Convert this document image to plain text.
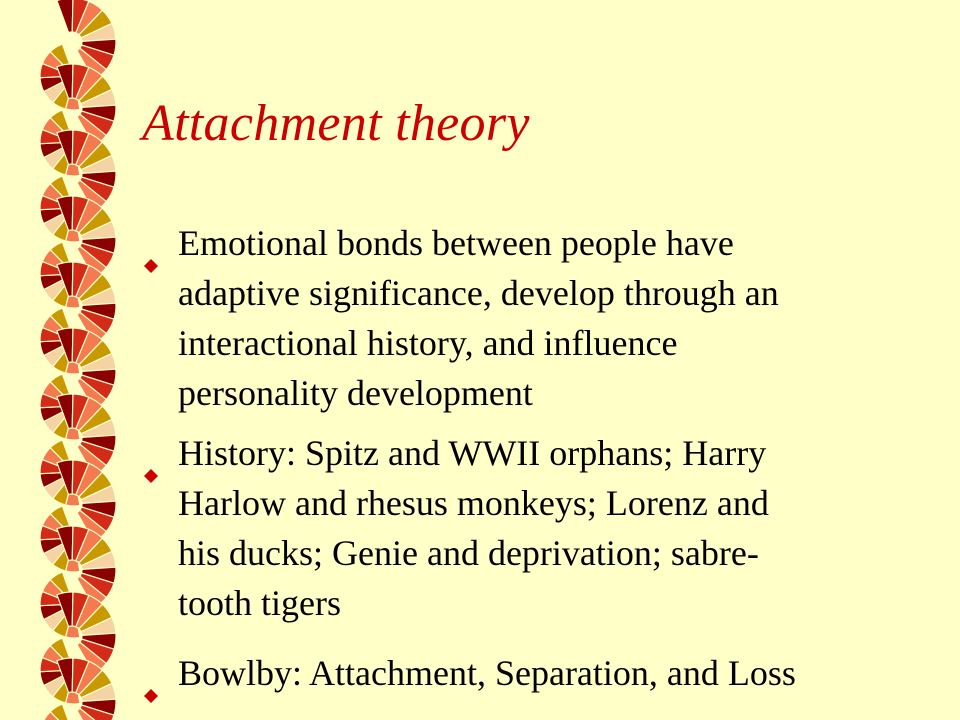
Attachment theory
Emotional bonds between people have
adaptive significance, develop through an
interactional history, and influence
personality development
History: Spitz and WWII orphans; Harry
Harlow and rhesus monkeys; Lorenz and
his ducks; Genie and deprivation; sabre-
tooth tigers
Bowlby: Attachment, Separation, and Loss
